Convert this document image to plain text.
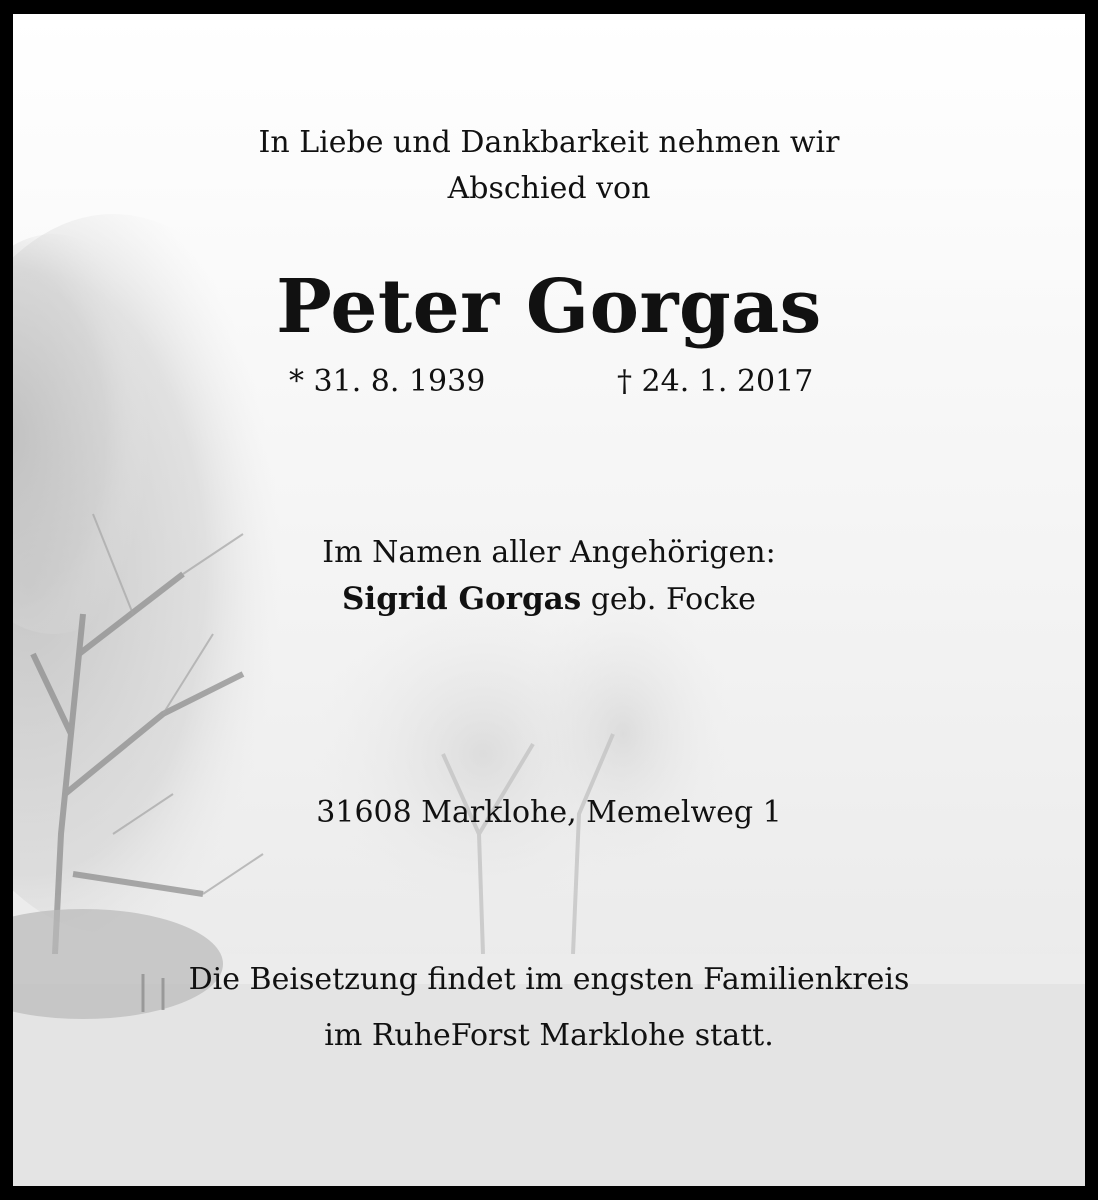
In Liebe und Dankbarkeit nehmen wir
Abschied von
Peter Gorgas
* 31. 8. 1939	† 24. 1. 2017
Im Namen aller Angehörigen:
Sigrid Gorgas geb. Focke
31608 Marklohe, Memelweg 1
Die Beisetzung findet im engsten Familienkreis
im RuheForst Marklohe statt.
